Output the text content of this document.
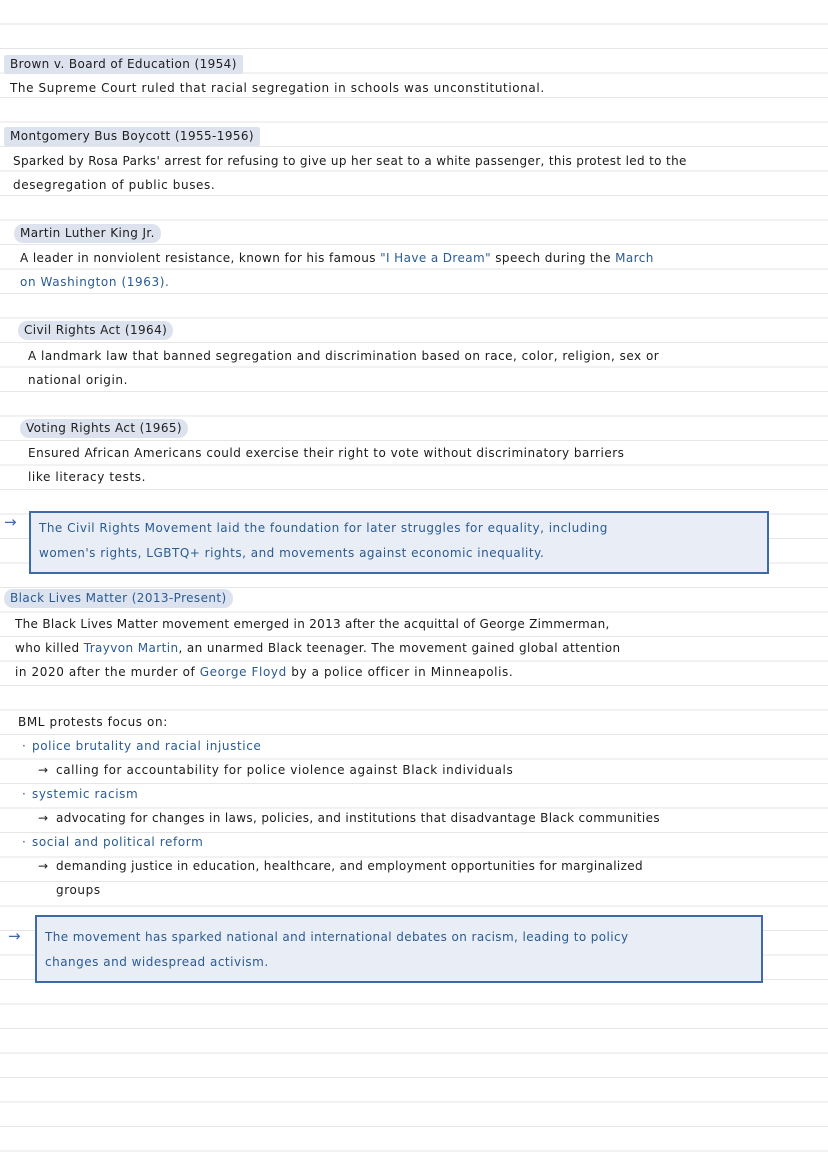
Brown v. Board of Education (1954)
The Supreme Court ruled that racial segregation in schools was unconstitutional.
Montgomery Bus Boycott (1955-1956)
Sparked by Rosa Parks' arrest for refusing to give up her seat to a white passenger, this protest led to the
desegregation of public buses.
Martin Luther King Jr.
A leader in nonviolent resistance, known for his famous "I Have a Dream" speech during the March
on Washington (1963).
Civil Rights Act (1964)
A landmark law that banned segregation and discrimination based on race, color, religion, sex or
national origin.
Voting Rights Act (1965)
Ensured African Americans could exercise their right to vote without discriminatory barriers
like literacy tests.
→ The Civil Rights Movement laid the foundation for later struggles for equality, including
women's rights, LGBTQ+ rights, and movements against economic inequality.
Black Lives Matter (2013-Present)
The Black Lives Matter movement emerged in 2013 after the acquittal of George Zimmerman,
who killed Trayvon Martin, an unarmed Black teenager. The movement gained global attention
in 2020 after the murder of George Floyd by a police officer in Minneapolis.
BML protests focus on:
· police brutality and racial injustice
→ calling for accountability for police violence against Black individuals
· systemic racism
→ advocating for changes in laws, policies, and institutions that disadvantage Black communities
· social and political reform
→ demanding justice in education, healthcare, and employment opportunities for marginalized
groups
→ The movement has sparked national and international debates on racism, leading to policy
changes and widespread activism.
